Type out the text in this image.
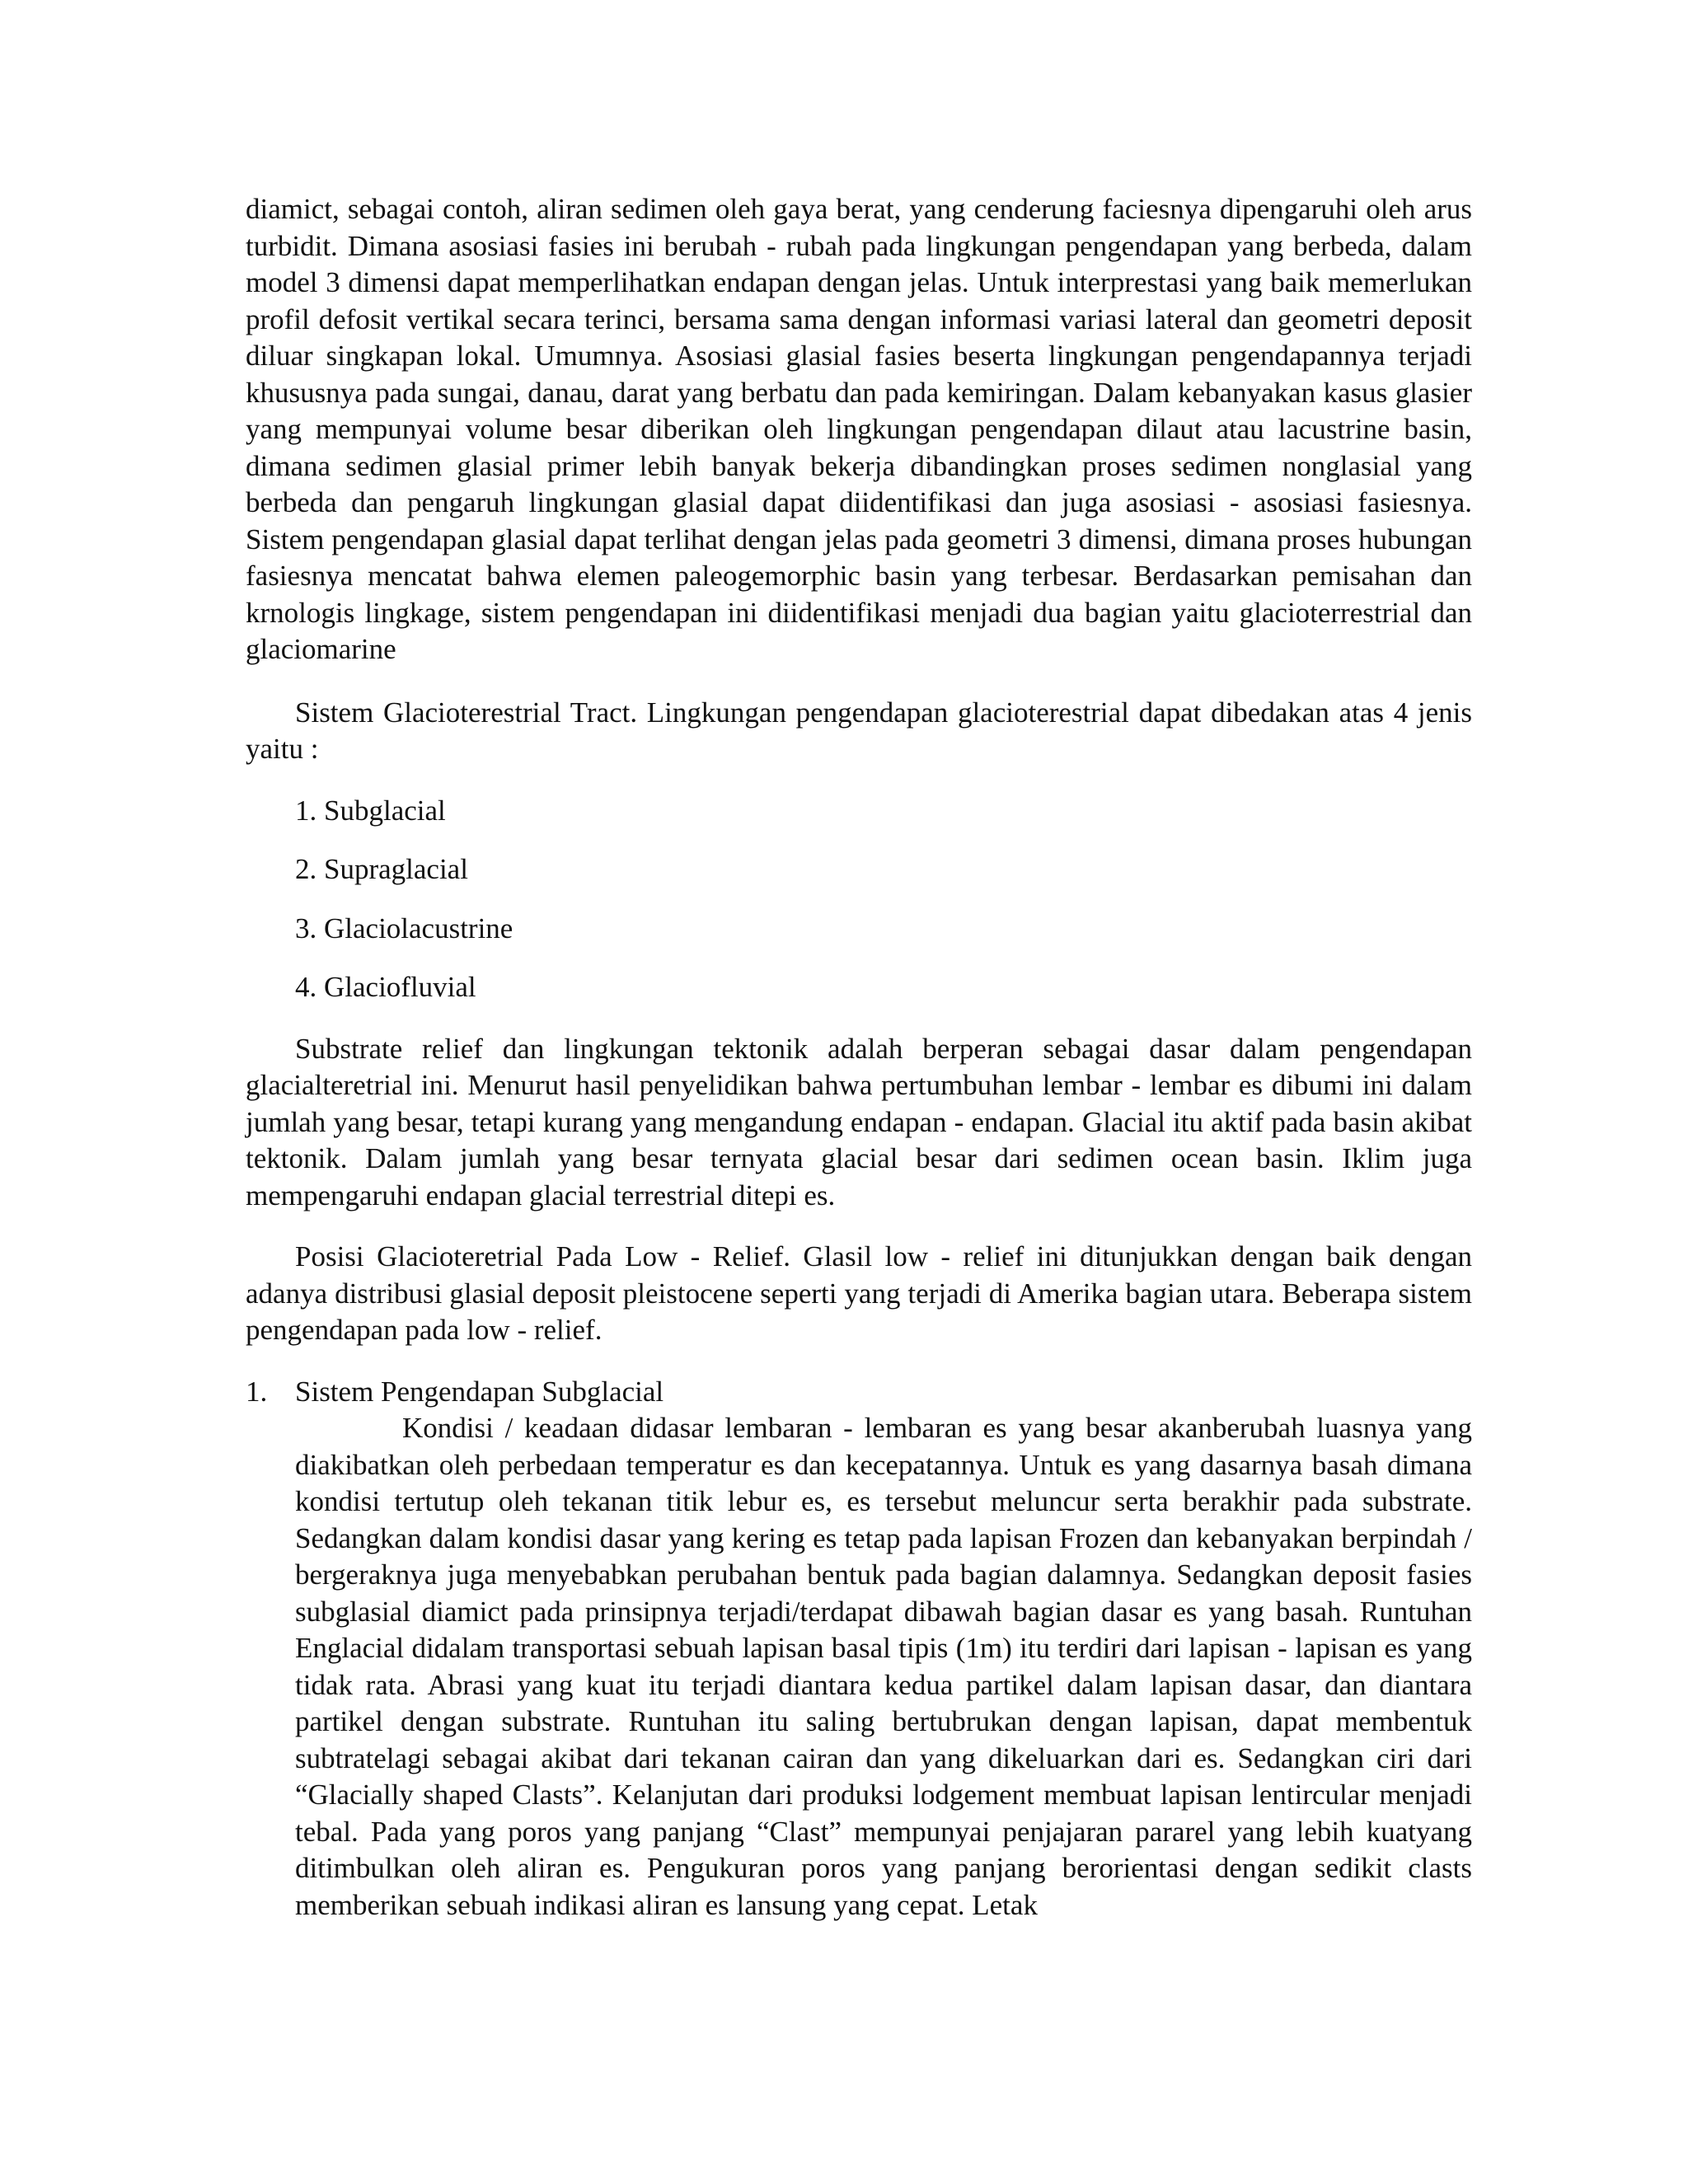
diamict, sebagai contoh, aliran sedimen oleh gaya berat, yang cenderung faciesnya dipengaruhi oleh arus turbidit. Dimana asosiasi fasies ini berubah - rubah pada lingkungan pengendapan yang berbeda, dalam model 3 dimensi dapat memperlihatkan endapan dengan jelas. Untuk interprestasi yang baik memerlukan profil defosit vertikal secara terinci, bersama sama dengan informasi variasi lateral dan geometri deposit diluar singkapan lokal. Umumnya. Asosiasi glasial fasies beserta lingkungan pengendapannya terjadi khususnya pada sungai, danau, darat yang berbatu dan pada kemiringan. Dalam kebanyakan kasus glasier yang mempunyai volume besar diberikan oleh lingkungan pengendapan dilaut atau lacustrine basin, dimana sedimen glasial primer lebih banyak bekerja dibandingkan proses sedimen nonglasial yang berbeda dan pengaruh lingkungan glasial dapat diidentifikasi dan juga asosiasi - asosiasi fasiesnya. Sistem pengendapan glasial dapat terlihat dengan jelas pada geometri 3 dimensi, dimana proses hubungan fasiesnya mencatat bahwa elemen paleogemorphic basin yang terbesar. Berdasarkan pemisahan dan krnologis lingkage, sistem pengendapan ini diidentifikasi menjadi dua bagian yaitu glacioterrestrial dan glaciomarine

Sistem Glacioterestrial Tract. Lingkungan pengendapan glacioterestrial dapat dibedakan atas 4 jenis yaitu :

1. Subglacial
2. Supraglacial
3. Glaciolacustrine
4. Glaciofluvial

Substrate relief dan lingkungan tektonik adalah berperan sebagai dasar dalam pengendapan glacialteretrial ini. Menurut hasil penyelidikan bahwa pertumbuhan lembar - lembar es dibumi ini dalam jumlah yang besar, tetapi kurang yang mengandung endapan - endapan. Glacial itu aktif pada basin akibat tektonik. Dalam jumlah yang besar ternyata glacial besar dari sedimen ocean basin. Iklim juga mempengaruhi endapan glacial terrestrial ditepi es.

Posisi Glacioteretrial Pada Low - Relief. Glasil low - relief ini ditunjukkan dengan baik dengan adanya distribusi glasial deposit pleistocene seperti yang terjadi di Amerika bagian utara. Beberapa sistem pengendapan pada low - relief.

1. Sistem Pengendapan Subglacial

Kondisi / keadaan didasar lembaran - lembaran es yang besar akanberubah luasnya yang diakibatkan oleh perbedaan temperatur es dan kecepatannya. Untuk es yang dasarnya basah dimana kondisi tertutup oleh tekanan titik lebur es, es tersebut meluncur serta berakhir pada substrate. Sedangkan dalam kondisi dasar yang kering es tetap pada lapisan Frozen dan kebanyakan berpindah / bergeraknya juga menyebabkan perubahan bentuk pada bagian dalamnya. Sedangkan deposit fasies subglasial diamict pada prinsipnya terjadi/terdapat dibawah bagian dasar es yang basah. Runtuhan Englacial didalam transportasi sebuah lapisan basal tipis (1m) itu terdiri dari lapisan - lapisan es yang tidak rata. Abrasi yang kuat itu terjadi diantara kedua partikel dalam lapisan dasar, dan diantara partikel dengan substrate. Runtuhan itu saling bertubrukan dengan lapisan, dapat membentuk subtratelagi sebagai akibat dari tekanan cairan dan yang dikeluarkan dari es. Sedangkan ciri dari “Glacially shaped Clasts”. Kelanjutan dari produksi lodgement membuat lapisan lentircular menjadi tebal. Pada yang poros yang panjang “Clast” mempunyai penjajaran pararel yang lebih kuatyang ditimbulkan oleh aliran es. Pengukuran poros yang panjang berorientasi dengan sedikit clasts memberikan sebuah indikasi aliran es lansung yang cepat. Letak
